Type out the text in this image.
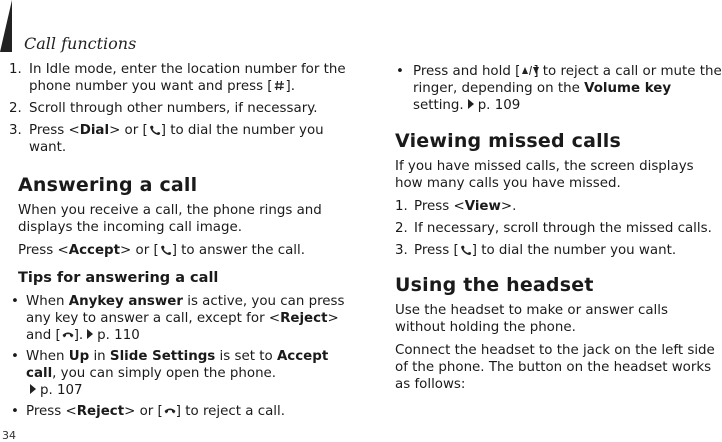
Call functions
34
1. In Idle mode, enter the location number for the phone number you want and press [ ].
2. Scroll through other numbers, if necessary.
3. Press <Dial> or [ ] to dial the number you want.
Answering a call

When you receive a call, the phone rings and displays the incoming call image.

Press <Accept> or [ ] to answer the call.

Tips for answering a call
• When Anykey answer is active, you can press any key to answer a call, except for <Reject> and [ ]. p. 110
• When Up in Slide Settings is set to Accept call, you can simply open the phone.
p. 107
• Press <Reject> or [ ] to reject a call.
• Press and hold [ ] to reject a call or mute the ringer, depending on the Volume key setting. p. 109
Viewing missed calls

If you have missed calls, the screen displays how many calls you have missed.

1. Press <View>.
2. If necessary, scroll through the missed calls.
3. Press [ ] to dial the number you want.
Using the headset

Use the headset to make or answer calls without holding the phone.

Connect the headset to the jack on the left side of the phone. The button on the headset works as follows:
